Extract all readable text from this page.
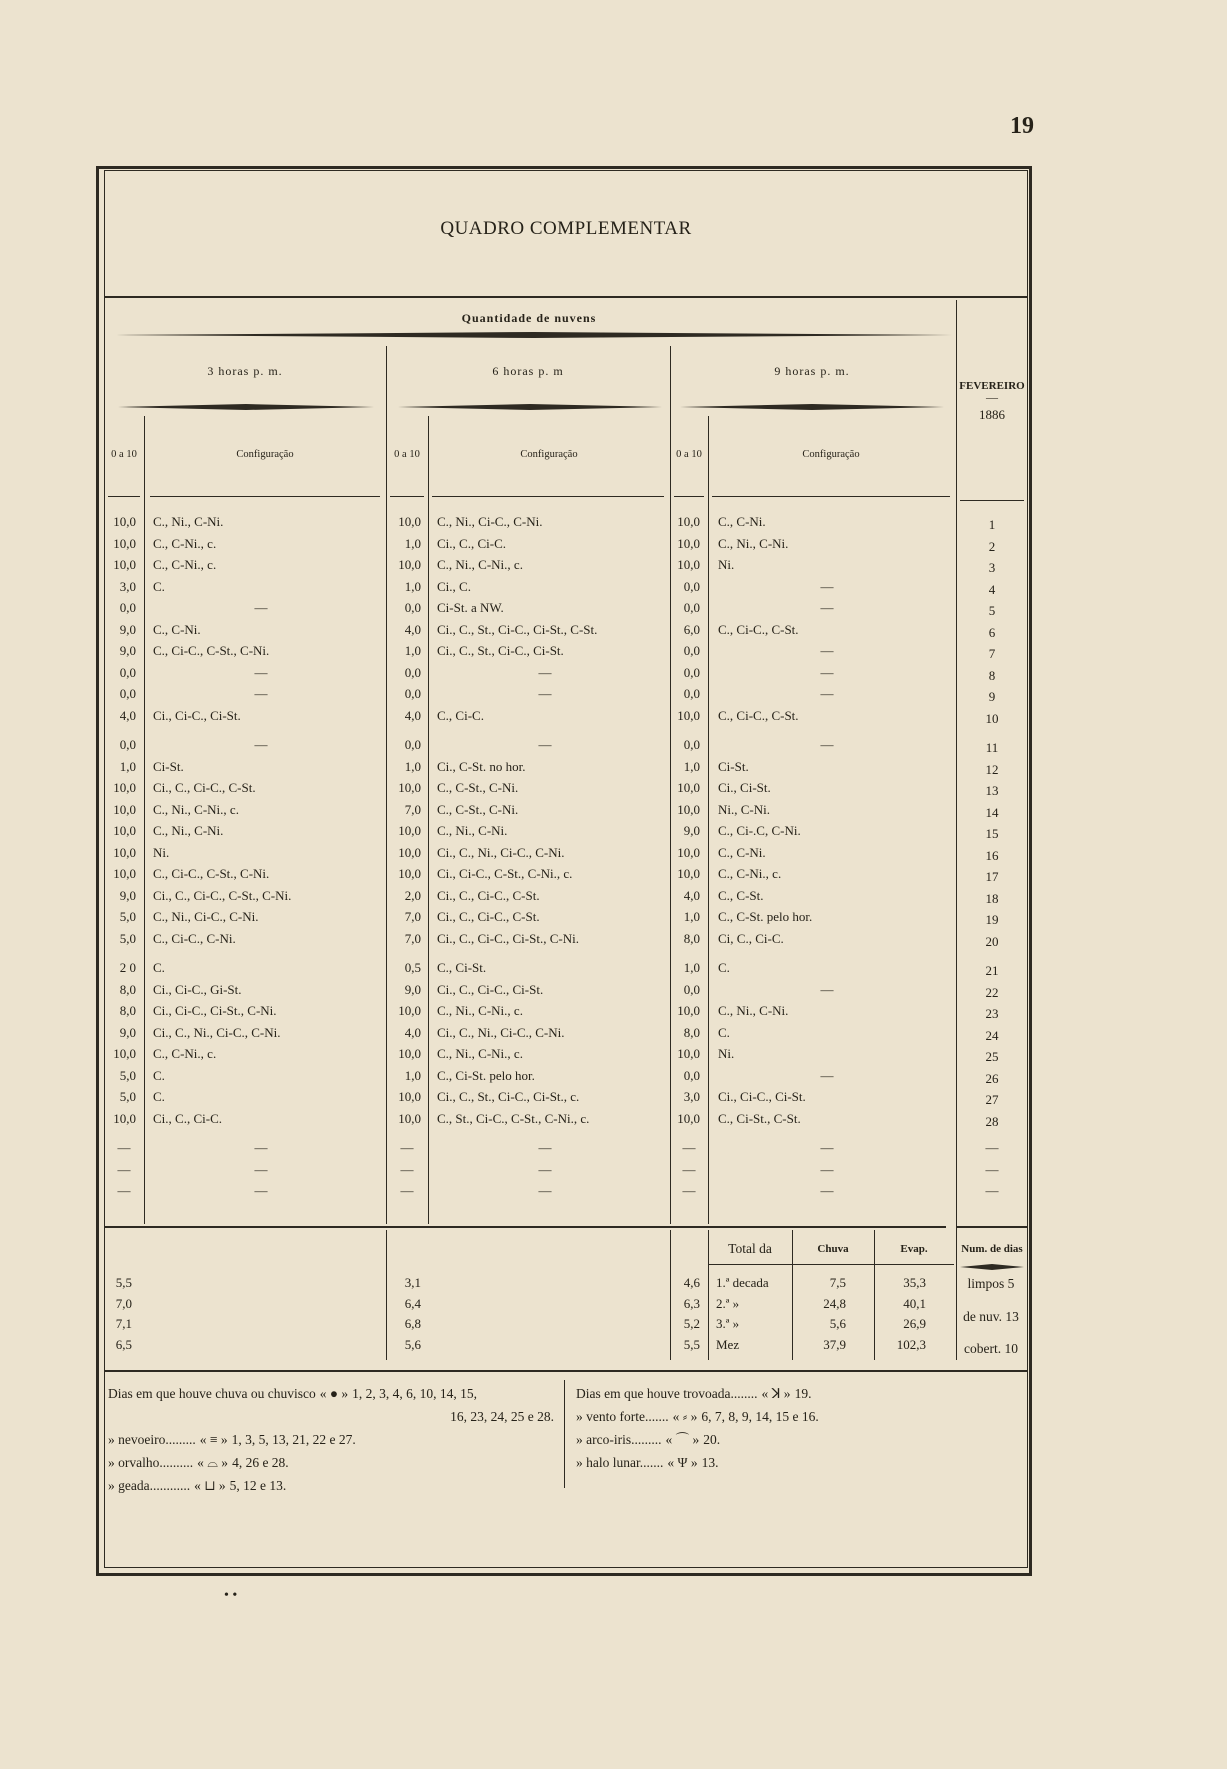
19
QUADRO COMPLEMENTAR
Quantidade de nuvens
3 horas p. m.	6 horas p. m	9 horas p. m.
FEVEREIRO
—
1886
0 a 10	Configuração	0 a 10	Configuração	0 a 10	Configuração
10,0 C., Ni., C-Ni.	10,0 C., Ni., Ci-C., C-Ni.	10,0 C., C-Ni.	1
10,0 C., C-Ni., c.	1,0 Ci., C., Ci-C.	10,0 C., Ni., C-Ni.	2
10,0 C., C-Ni., c.	10,0 C., Ni., C-Ni., c.	10,0 Ni.	3
3,0 C.	1,0 Ci., C.	0,0	—	4
0,0	—	0,0 Ci-St. a NW.	0,0	—	5
9,0 C., C-Ni.	4,0 Ci., C., St., Ci-C., Ci-St., C-St.	6,0 C., Ci-C., C-St.	6
9,0 C., Ci-C., C-St., C-Ni.	1,0 Ci., C., St., Ci-C., Ci-St.	0,0	—	7
0,0	—	0,0	—	0,0	—	8
0,0	—	0,0	—	0,0	—	9
4,0 Ci., Ci-C., Ci-St.	4,0 C., Ci-C.	10,0 C., Ci-C., C-St.	10
0,0	—	0,0	—	0,0	—	11
1,0 Ci-St.	1,0 Ci., C-St. no hor.	1,0 Ci-St.	12
10,0 Ci., C., Ci-C., C-St.	10,0 C., C-St., C-Ni.	10,0 Ci., Ci-St.	13
10,0 C., Ni., C-Ni., c.	7,0 C., C-St., C-Ni.	10,0 Ni., C-Ni.	14
10,0 C., Ni., C-Ni.	10,0 C., Ni., C-Ni.	9,0 C., Ci-.C, C-Ni.	15
10,0 Ni.	10,0 Ci., C., Ni., Ci-C., C-Ni.	10,0 C., C-Ni.	16
10,0 C., Ci-C., C-St., C-Ni.	10,0 Ci., Ci-C., C-St., C-Ni., c.	10,0 C., C-Ni., c.	17
9,0 Ci., C., Ci-C., C-St., C-Ni.	2,0 Ci., C., Ci-C., C-St.	4,0 C., C-St.	18
5,0 C., Ni., Ci-C., C-Ni.	7,0 Ci., C., Ci-C., C-St.	1,0 C., C-St. pelo hor.	19
5,0 C., Ci-C., C-Ni.	7,0 Ci., C., Ci-C., Ci-St., C-Ni.	8,0 Ci, C., Ci-C.	20
2 0 C.	0,5 C., Ci-St.	1,0 C.	21
8,0 Ci., Ci-C., Gi-St.	9,0 Ci., C., Ci-C., Ci-St.	0,0	—	22
8,0 Ci., Ci-C., Ci-St., C-Ni.	10,0 C., Ni., C-Ni., c.	10,0 C., Ni., C-Ni.	23
9,0 Ci., C., Ni., Ci-C., C-Ni.	4,0 Ci., C., Ni., Ci-C., C-Ni.	8,0 C.	24
10,0 C., C-Ni., c.	10,0 C., Ni., C-Ni., c.	10,0 Ni.	25
5,0 C.	1,0 C., Ci-St. pelo hor.	0,0	—	26
5,0 C.	10,0 Ci., C., St., Ci-C., Ci-St., c.	3,0 Ci., Ci-C., Ci-St.	27
10,0 Ci., C., Ci-C.	10,0 C., St., Ci-C., C-St., C-Ni., c.	10,0 C., Ci-St., C-St.	28
—	—	—	—	—	—	—
—	—	—	—	—	—	—
—	—	—	—	—	—	—
Total da	Chuva	Evap.	Num. de dias
5,5	3,1	4,6 1.ª decada	7,5	35,3
7,0	6,4	6,3 2.ª »	24,8	40,1
7,1	6,8	5,2 3.ª »	5,6	26,9
6,5	5,6	5,5 Mez	37,9	102,3
limpos 5
de nuv. 13
cobert. 10
Dias em que houve chuva ou chuvisco « ● » 1, 2, 3, 4, 6, 10, 14, 15,
16, 23, 24, 25 e 28.
» nevoeiro......... « ≡ » 1, 3, 5, 13, 21, 22 e 27.
» orvalho.......... « ⌓ » 4, 26 e 28.
» geada............ « ⊔ » 5, 12 e 13.
Dias em que houve trovoada........ « ꓘ » 19.
» vento forte....... « ⸗ » 6, 7, 8, 9, 14, 15 e 16.
» arco-iris......... « ⌒ » 20.
» halo lunar....... « Ψ » 13.
• •
